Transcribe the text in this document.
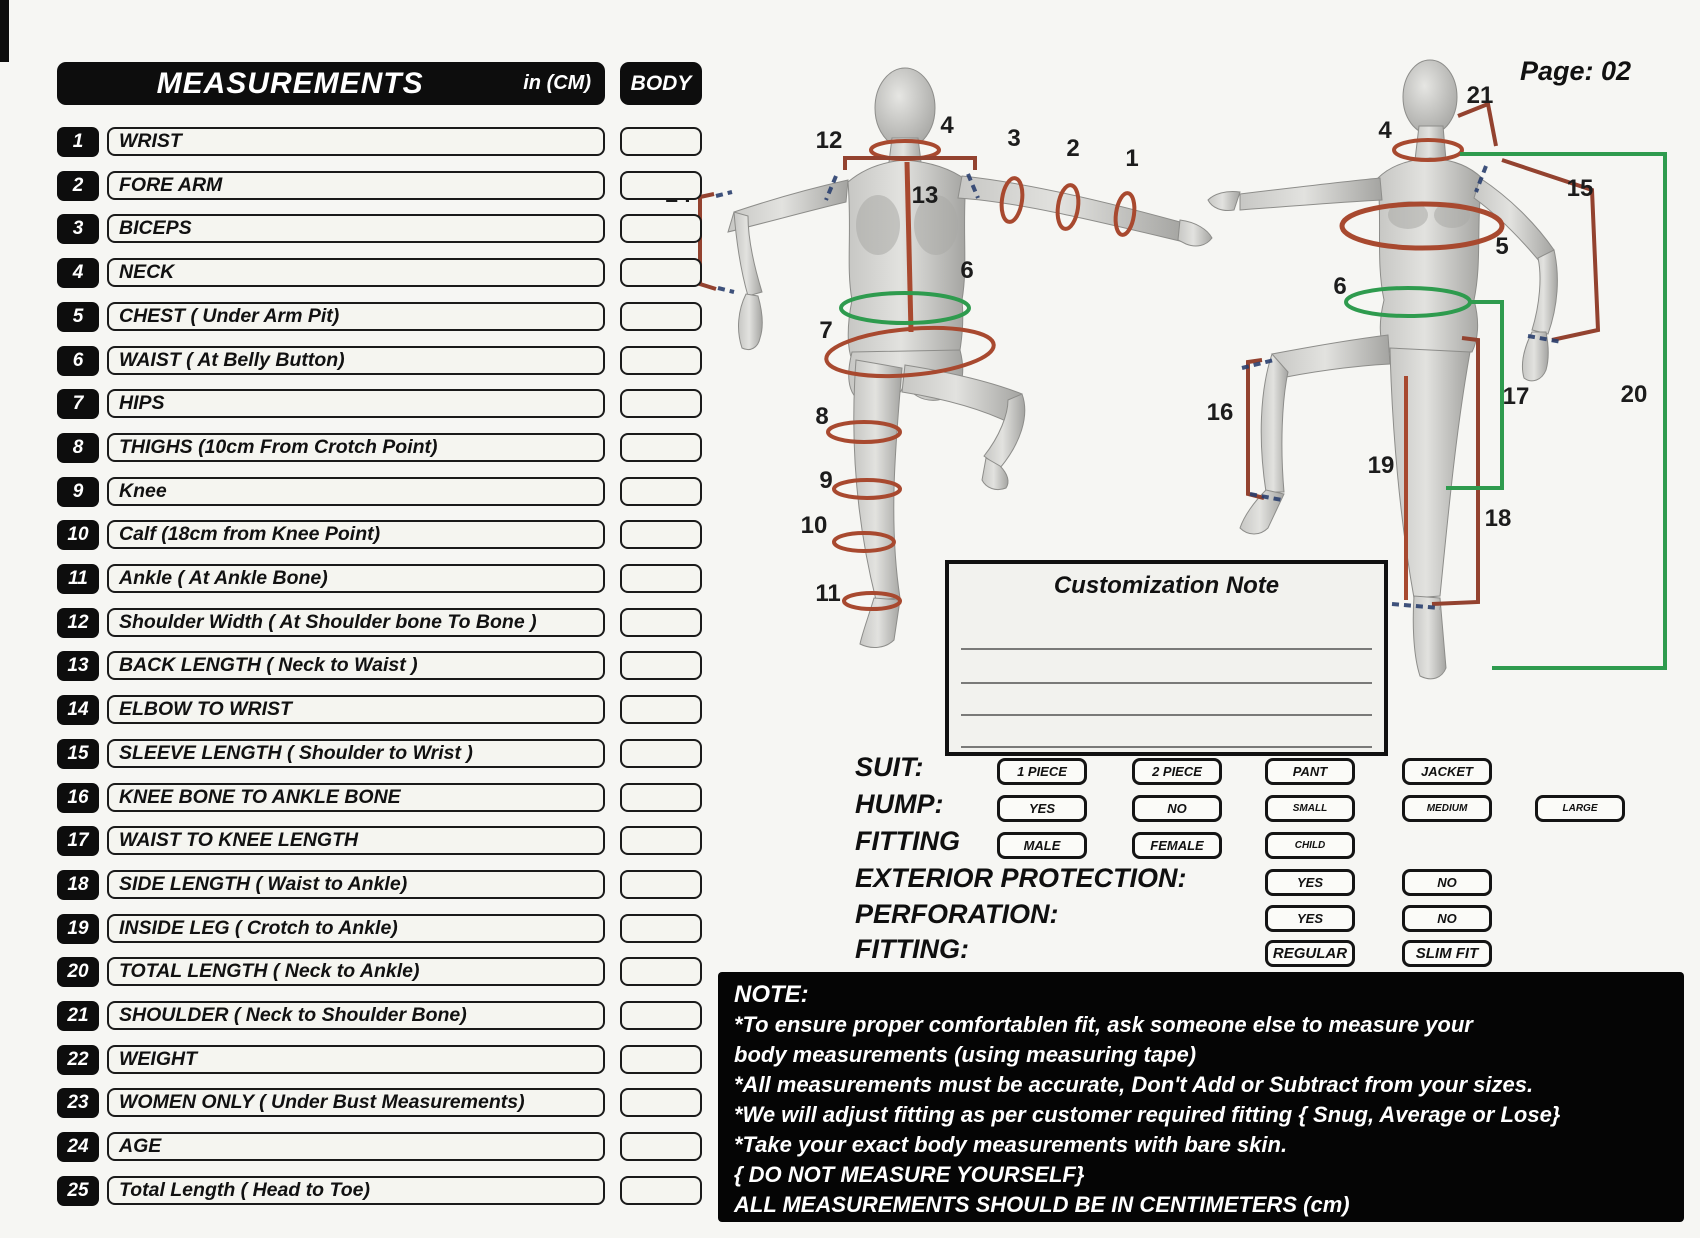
12
4 3 2 1
13
6
7
8
9
10
11
4
21
15
5
6
16
17
19
18
20
MEASUREMENTS	in (CM)	BODY
1	WRIST
2	FORE ARM
3	BICEPS
4	NECK
5	CHEST ( Under Arm Pit)
6	WAIST ( At Belly Button)
7	HIPS
8	THIGHS (10cm From Crotch Point)
9	Knee
10	Calf (18cm from Knee Point)
11	Ankle ( At Ankle Bone)
12	Shoulder Width ( At Shoulder bone To Bone )
13	BACK LENGTH ( Neck to Waist )
14	ELBOW TO WRIST
15	SLEEVE LENGTH ( Shoulder to Wrist )
16	KNEE BONE TO ANKLE BONE
17	WAIST TO KNEE LENGTH
18	SIDE LENGTH ( Waist to Ankle)
19	INSIDE LEG ( Crotch to Ankle)
20	TOTAL LENGTH ( Neck to Ankle)
21	SHOULDER ( Neck to Shoulder Bone)
22	WEIGHT
23	WOMEN ONLY ( Under Bust Measurements)
24	AGE
25	Total Length ( Head to Toe)
Page: 02
Customization Note
SUIT:	1 PIECE	2 PIECE	PANT	JACKET
HUMP:	YES	NO	SMALL	MEDIUM	LARGE
FITTING	MALE	FEMALE	CHILD
EXTERIOR PROTECTION:	YES	NO
PERFORATION:	YES	NO
FITTING:	REGULAR	SLIM FIT
NOTE:
*To ensure proper comfortablen fit, ask someone else to measure your
body measurements (using measuring tape)
*All measurements must be accurate, Don't Add or Subtract from your sizes.
*We will adjust fitting as per customer required fitting { Snug, Average or Lose}
*Take your exact body measurements with bare skin.
{ DO NOT MEASURE YOURSELF}
ALL MEASUREMENTS SHOULD BE IN CENTIMETERS (cm)
